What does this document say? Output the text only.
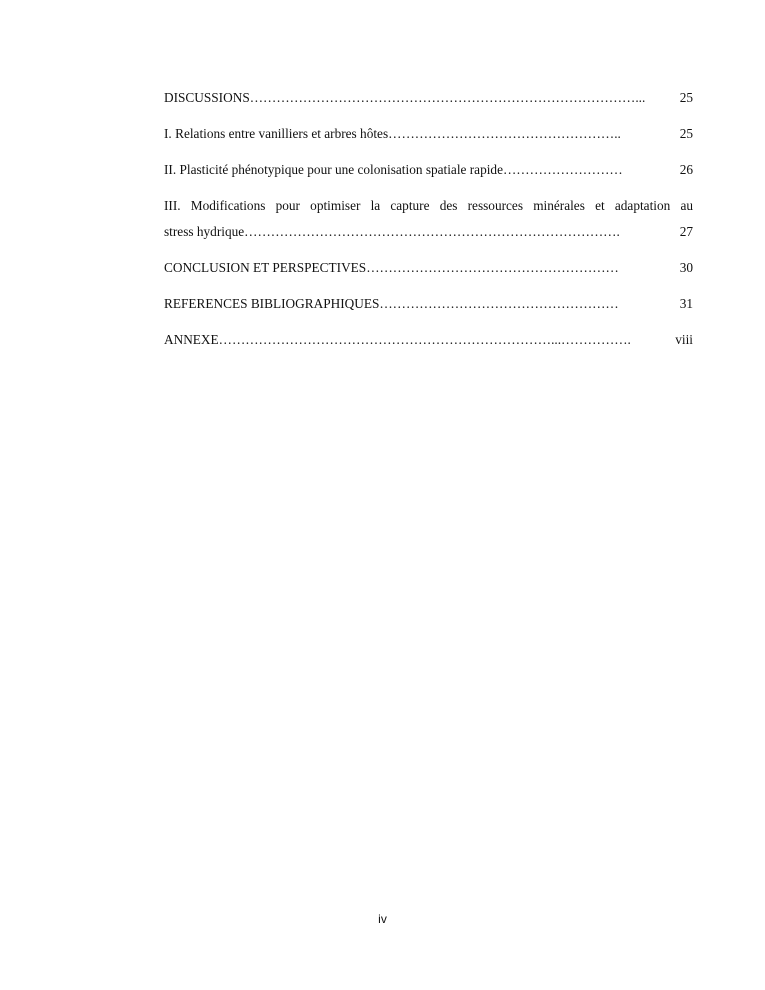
DISCUSSIONS ……………………………………………………………………………...	25
I. Relations entre vanilliers et arbres hôtes ……………………………………………..	25
II. Plasticité phénotypique pour une colonisation spatiale rapide ………………………	26
III. Modifications pour optimiser la capture des ressources minérales et adaptation au
stress hydrique ………………………………………………………………………….	27
CONCLUSION ET PERSPECTIVES …………………………………………………	30
REFERENCES BIBLIOGRAPHIQUES ………………………………………………	31
ANNEXE …………………………………………………………………...…………….	viii
iv
